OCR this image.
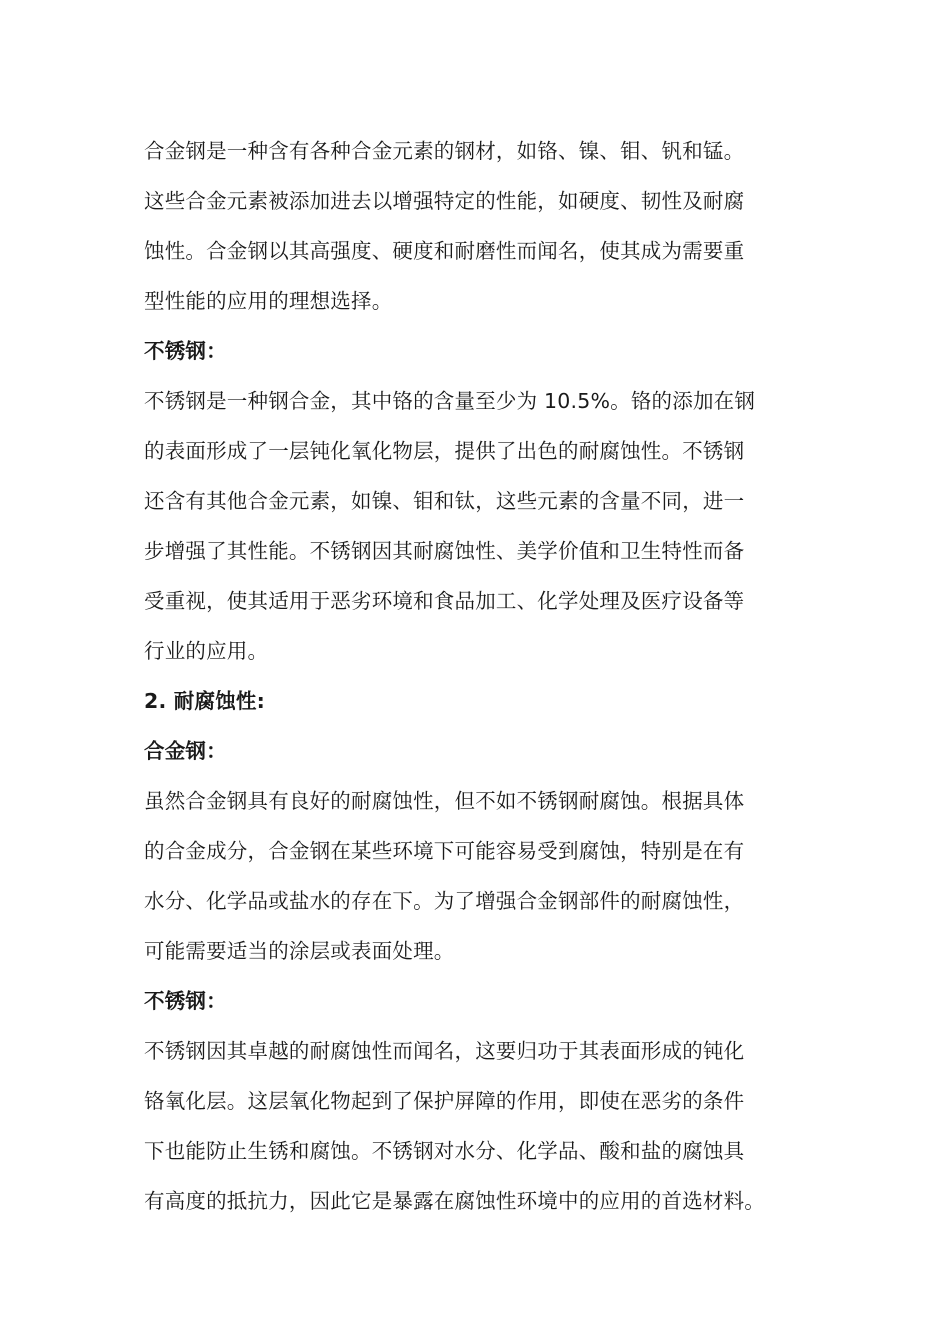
合金钢是一种含有各种合金元素的钢材，如铬、镍、钼、钒和锰。
这些合金元素被添加进去以增强特定的性能，如硬度、韧性及耐腐
蚀性。合金钢以其高强度、硬度和耐磨性而闻名，使其成为需要重
型性能的应用的理想选择。
不锈钢：
不锈钢是一种钢合金，其中铬的含量至少为 10.5%。铬的添加在钢
的表面形成了一层钝化氧化物层，提供了出色的耐腐蚀性。不锈钢
还含有其他合金元素，如镍、钼和钛，这些元素的含量不同，进一
步增强了其性能。不锈钢因其耐腐蚀性、美学价值和卫生特性而备
受重视，使其适用于恶劣环境和食品加工、化学处理及医疗设备等
行业的应用。
2. 耐腐蚀性:
合金钢：
虽然合金钢具有良好的耐腐蚀性，但不如不锈钢耐腐蚀。根据具体
的合金成分，合金钢在某些环境下可能容易受到腐蚀，特别是在有
水分、化学品或盐水的存在下。为了增强合金钢部件的耐腐蚀性，
可能需要适当的涂层或表面处理。
不锈钢：
不锈钢因其卓越的耐腐蚀性而闻名，这要归功于其表面形成的钝化
铬氧化层。这层氧化物起到了保护屏障的作用，即使在恶劣的条件
下也能防止生锈和腐蚀。不锈钢对水分、化学品、酸和盐的腐蚀具
有高度的抵抗力，因此它是暴露在腐蚀性环境中的应用的首选材料。
